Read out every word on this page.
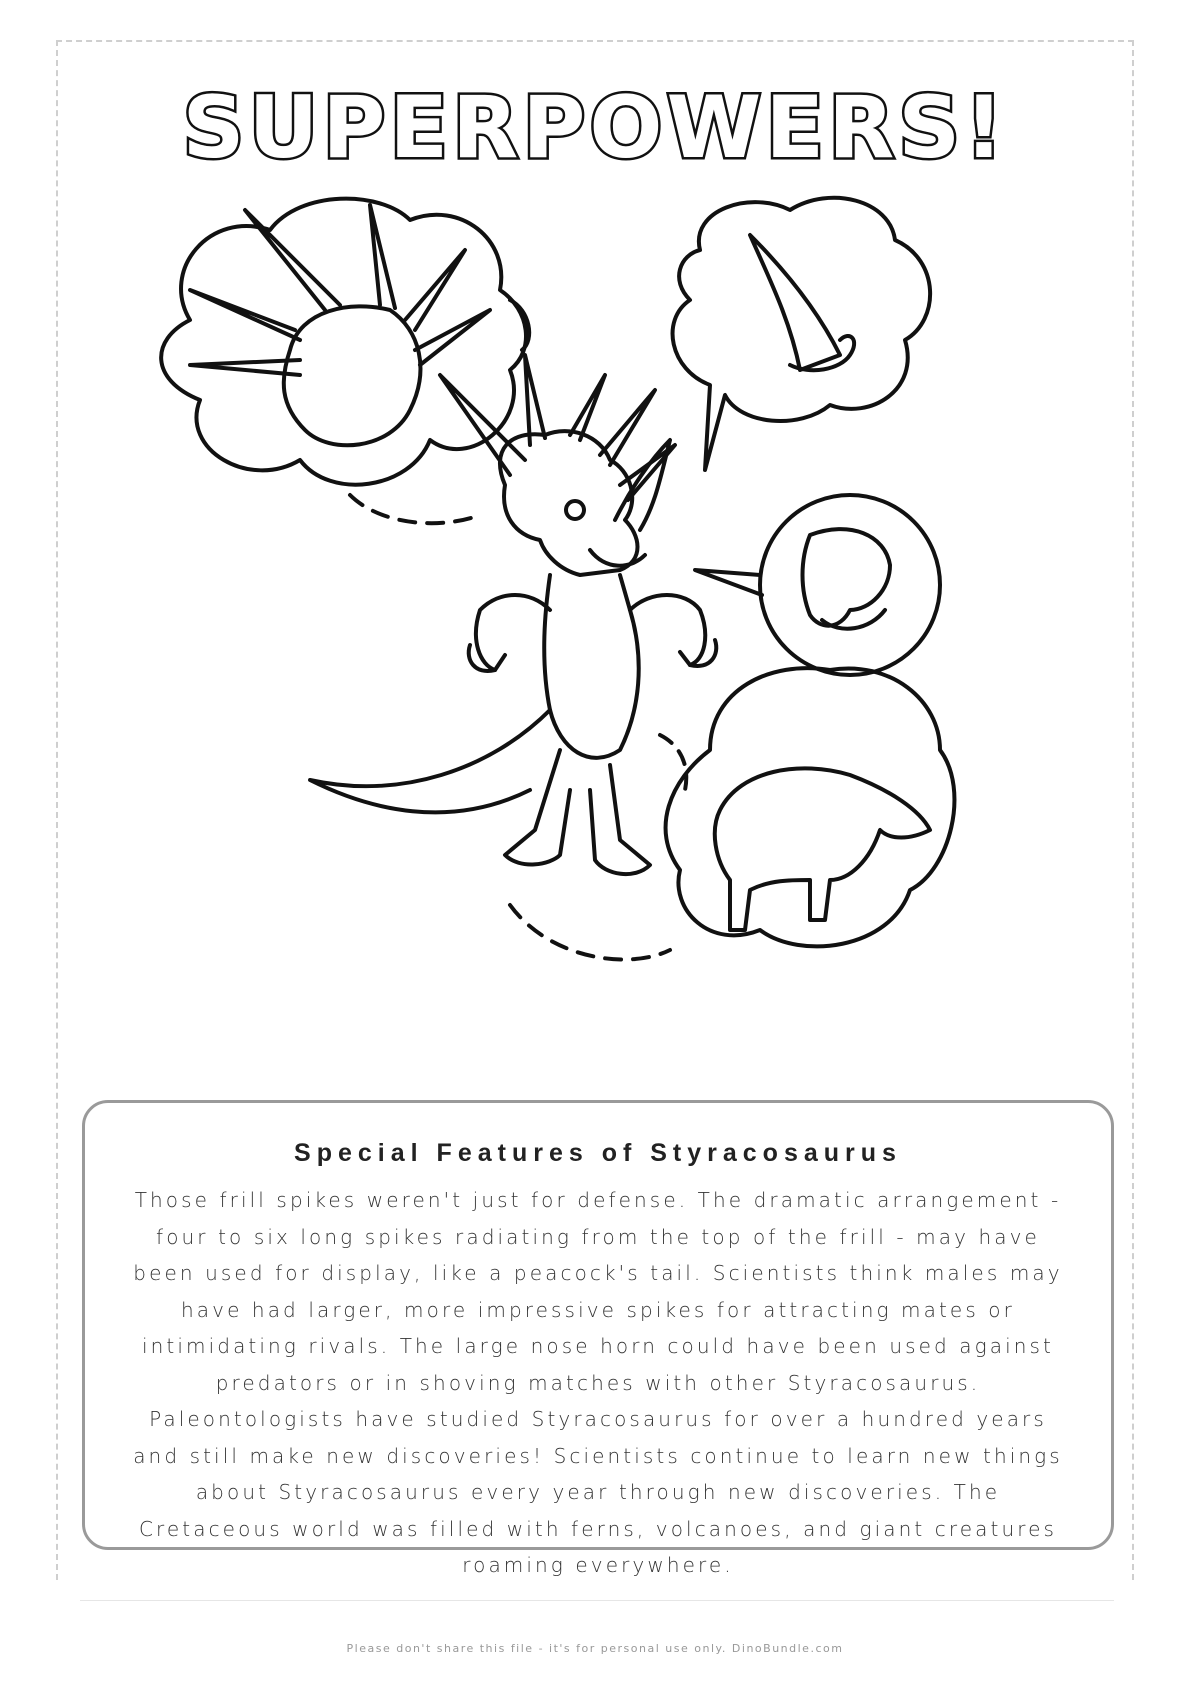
SUPERPOWERS!
Special Features of Styracosaurus

Those frill spikes weren't just for defense. The dramatic arrangement - four to six long spikes radiating from the top of the frill - may have been used for display, like a peacock's tail. Scientists think males may have had larger, more impressive spikes for attracting mates or intimidating rivals. The large nose horn could have been used against predators or in shoving matches with other Styracosaurus. Paleontologists have studied Styracosaurus for over a hundred years and still make new discoveries! Scientists continue to learn new things about Styracosaurus every year through new discoveries. The Cretaceous world was filled with ferns, volcanoes, and giant creatures roaming everywhere.

Please don't share this file - it's for personal use only. DinoBundle.com
